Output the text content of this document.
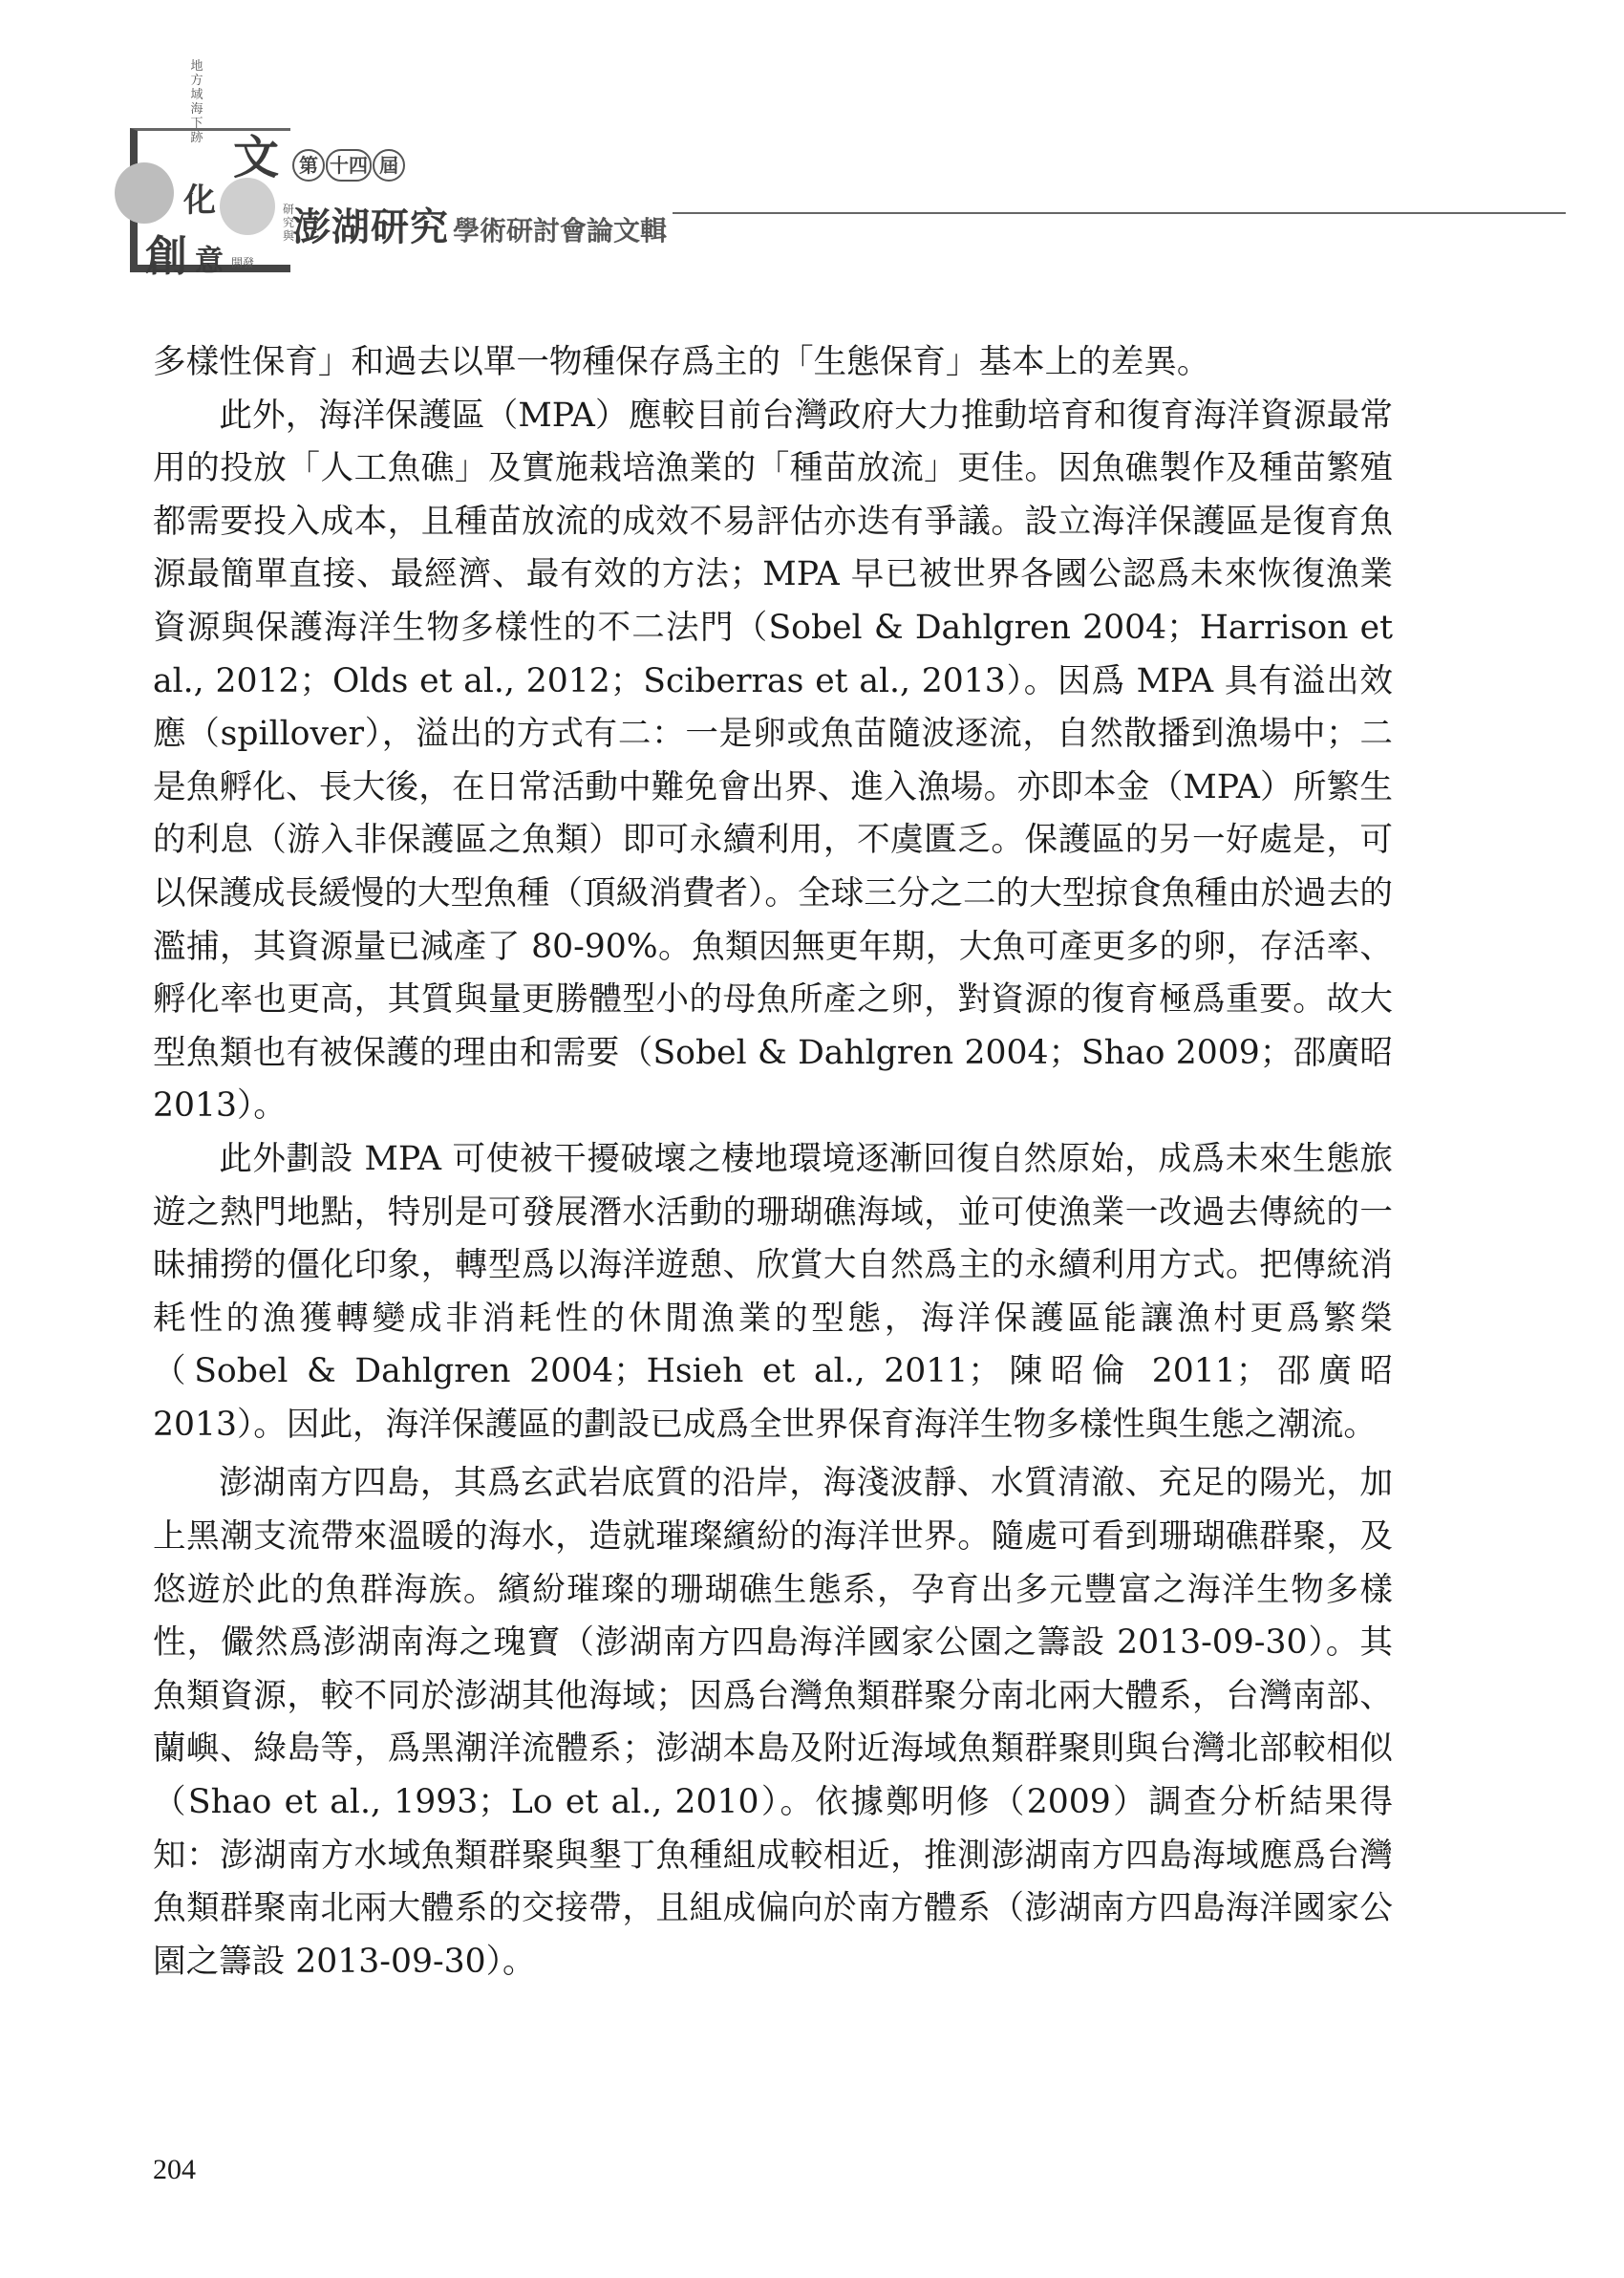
地方域海下跡 文
化
創 意
研究與
開發
第 十四 屆
澎湖研究 學術研討會論文輯

多樣性保育」和過去以單一物種保存爲主的「生態保育」基本上的差異。

此外，海洋保護區（MPA）應較目前台灣政府大力推動培育和復育海洋資源最常用的投放「人工魚礁」及實施栽培漁業的「種苗放流」更佳。因魚礁製作及種苗繁殖都需要投入成本，且種苗放流的成效不易評估亦迭有爭議。設立海洋保護區是復育魚源最簡單直接、最經濟、最有效的方法；MPA 早已被世界各國公認爲未來恢復漁業資源與保護海洋生物多樣性的不二法門（Sobel & Dahlgren 2004；Harrison et al., 2012；Olds et al., 2012；Sciberras et al., 2013）。因爲 MPA 具有溢出效應（spillover），溢出的方式有二：一是卵或魚苗隨波逐流，自然散播到漁場中；二是魚孵化、長大後，在日常活動中難免會出界、進入漁場。亦即本金（MPA）所繁生的利息（游入非保護區之魚類）即可永續利用，不虞匱乏。保護區的另一好處是，可以保護成長緩慢的大型魚種（頂級消費者）。全球三分之二的大型掠食魚種由於過去的濫捕，其資源量已減產了 80-90%。魚類因無更年期，大魚可產更多的卵，存活率、孵化率也更高，其質與量更勝體型小的母魚所產之卵，對資源的復育極爲重要。故大型魚類也有被保護的理由和需要（Sobel & Dahlgren 2004；Shao 2009；邵廣昭 2013）。

此外劃設 MPA 可使被干擾破壞之棲地環境逐漸回復自然原始，成爲未來生態旅遊之熱門地點，特別是可發展潛水活動的珊瑚礁海域，並可使漁業一改過去傳統的一昧捕撈的僵化印象，轉型爲以海洋遊憩、欣賞大自然爲主的永續利用方式。把傳統消耗性的漁獲轉變成非消耗性的休閒漁業的型態，海洋保護區能讓漁村更爲繁榮（Sobel & Dahlgren 2004；Hsieh et al., 2011；陳昭倫 2011；邵廣昭 2013）。因此，海洋保護區的劃設已成爲全世界保育海洋生物多樣性與生態之潮流。

澎湖南方四島，其爲玄武岩底質的沿岸，海淺波靜、水質清澈、充足的陽光，加上黑潮支流帶來溫暖的海水，造就璀璨繽紛的海洋世界。隨處可看到珊瑚礁群聚，及悠遊於此的魚群海族。繽紛璀璨的珊瑚礁生態系，孕育出多元豐富之海洋生物多樣性，儼然爲澎湖南海之瑰寶（澎湖南方四島海洋國家公園之籌設 2013-09-30）。其魚類資源，較不同於澎湖其他海域；因爲台灣魚類群聚分南北兩大體系，台灣南部、蘭嶼、綠島等，爲黑潮洋流體系；澎湖本島及附近海域魚類群聚則與台灣北部較相似（Shao et al., 1993；Lo et al., 2010）。依據鄭明修（2009）調查分析結果得知：澎湖南方水域魚類群聚與墾丁魚種組成較相近，推測澎湖南方四島海域應爲台灣魚類群聚南北兩大體系的交接帶，且組成偏向於南方體系（澎湖南方四島海洋國家公園之籌設 2013-09-30）。

204
